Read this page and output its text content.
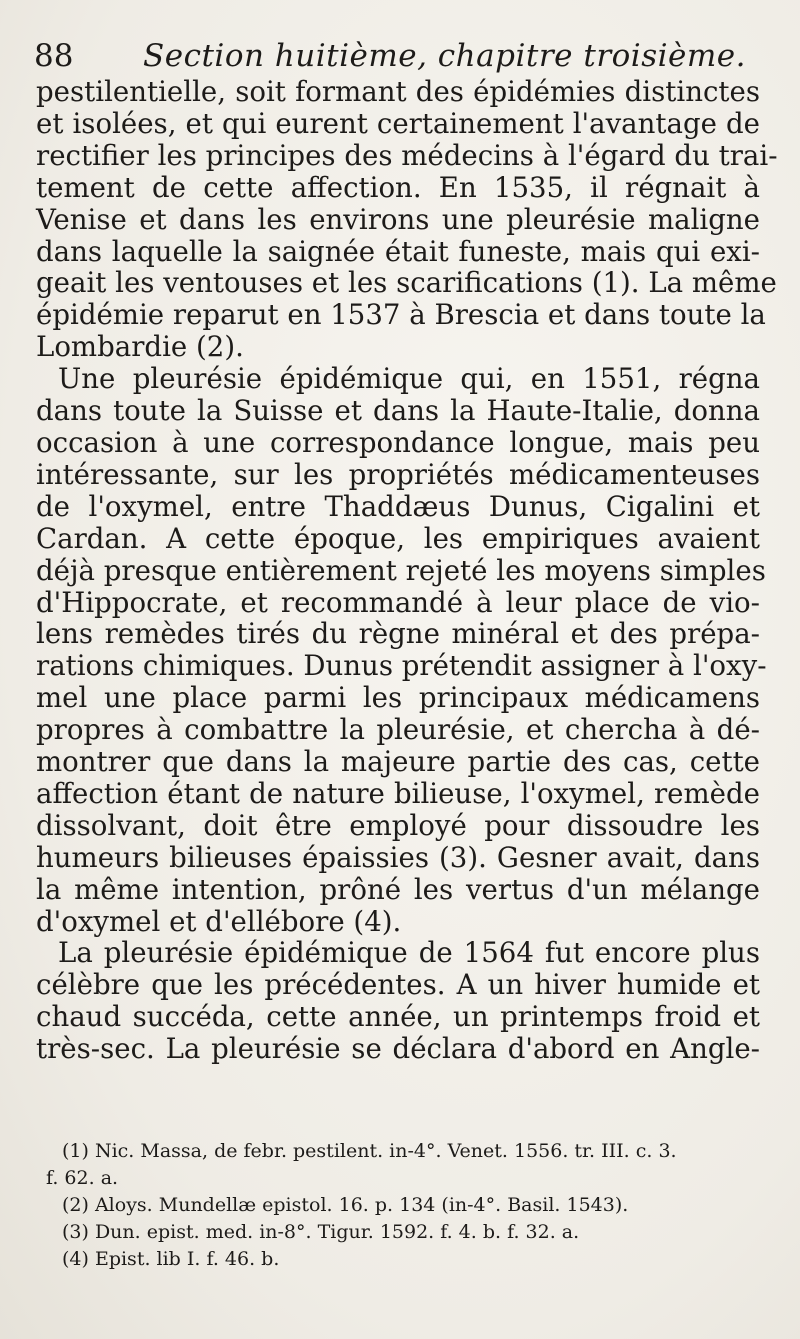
88 Section huitième, chapitre troisième.
pestilentielle, soit formant des épidémies distinctes
et isolées, et qui eurent certainement l'avantage de
rectifier les principes des médecins à l'égard du trai-
tement de cette affection. En 1535, il régnait à
Venise et dans les environs une pleurésie maligne
dans laquelle la saignée était funeste, mais qui exi-
geait les ventouses et les scarifications (1). La même
épidémie reparut en 1537 à Brescia et dans toute la
Lombardie (2).
Une pleurésie épidémique qui, en 1551, régna
dans toute la Suisse et dans la Haute-Italie, donna
occasion à une correspondance longue, mais peu
intéressante, sur les propriétés médicamenteuses
de l'oxymel, entre Thaddæus Dunus, Cigalini et
Cardan. A cette époque, les empiriques avaient
déjà presque entièrement rejeté les moyens simples
d'Hippocrate, et recommandé à leur place de vio-
lens remèdes tirés du règne minéral et des prépa-
rations chimiques. Dunus prétendit assigner à l'oxy-
mel une place parmi les principaux médicamens
propres à combattre la pleurésie, et chercha à dé-
montrer que dans la majeure partie des cas, cette
affection étant de nature bilieuse, l'oxymel, remède
dissolvant, doit être employé pour dissoudre les
humeurs bilieuses épaissies (3). Gesner avait, dans
la même intention, prôné les vertus d'un mélange
d'oxymel et d'ellébore (4).
La pleurésie épidémique de 1564 fut encore plus
célèbre que les précédentes. A un hiver humide et
chaud succéda, cette année, un printemps froid et
très-sec. La pleurésie se déclara d'abord en Angle-
(1) Nic. Massa, de febr. pestilent. in-4°. Venet. 1556. tr. III. c. 3.
f. 62. a.
(2) Aloys. Mundellæ epistol. 16. p. 134 (in-4°. Basil. 1543).
(3) Dun. epist. med. in-8°. Tigur. 1592. f. 4. b. f. 32. a.
(4) Epist. lib I. f. 46. b.
